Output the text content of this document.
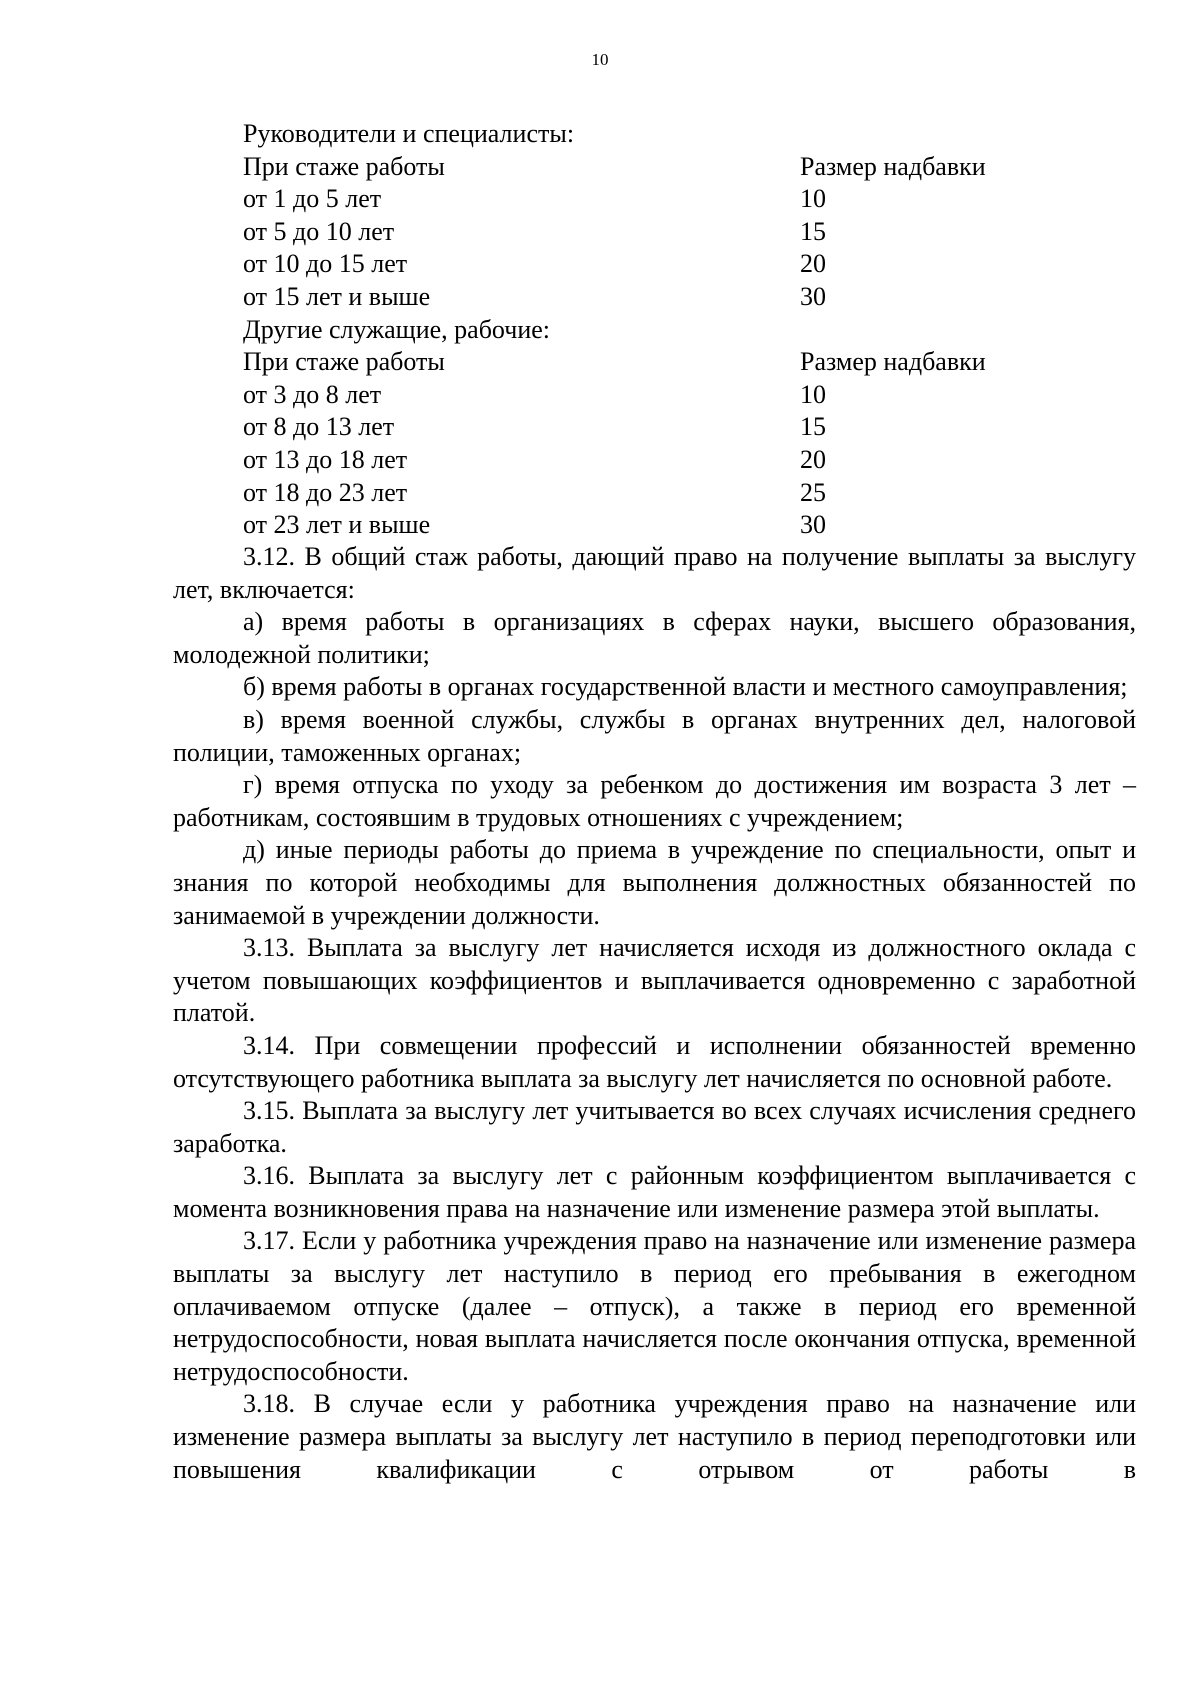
10
Руководители и специалисты:
При стаже работы	Размер надбавки
от 1 до 5 лет	10
от 5 до 10 лет	15
от 10 до 15 лет	20
от 15 лет и выше	30
Другие служащие, рабочие:
При стаже работы	Размер надбавки
от 3 до 8 лет	10
от 8 до 13 лет	15
от 13 до 18 лет	20
от 18 до 23 лет	25
от 23 лет и выше	30

3.12. В общий стаж работы, дающий право на получение выплаты за выслугу лет, включается:

а) время работы в организациях в сферах науки, высшего образования, молодежной политики;

б) время работы в органах государственной власти и местного самоуправления;

в) время военной службы, службы в органах внутренних дел, налоговой полиции, таможенных органах;

г) время отпуска по уходу за ребенком до достижения им возраста 3 лет – работникам, состоявшим в трудовых отношениях с учреждением;

д) иные периоды работы до приема в учреждение по специальности, опыт и знания по которой необходимы для выполнения должностных обязанностей по занимаемой в учреждении должности.

3.13. Выплата за выслугу лет начисляется исходя из должностного оклада с учетом повышающих коэффициентов и выплачивается одновременно с заработной платой.

3.14. При совмещении профессий и исполнении обязанностей временно отсутствующего работника выплата за выслугу лет начисляется по основной работе.

3.15. Выплата за выслугу лет учитывается во всех случаях исчисления среднего заработка.

3.16. Выплата за выслугу лет с районным коэффициентом выплачивается с момента возникновения права на назначение или изменение размера этой выплаты.

3.17. Если у работника учреждения право на назначение или изменение размера выплаты за выслугу лет наступило в период его пребывания в ежегодном оплачиваемом отпуске (далее – отпуск), а также в период его временной нетрудоспособности, новая выплата начисляется после окончания отпуска, временной нетрудоспособности.

3.18. В случае если у работника учреждения право на назначение или изменение размера выплаты за выслугу лет наступило в период переподготовки или повышения квалификации с отрывом от работы в
